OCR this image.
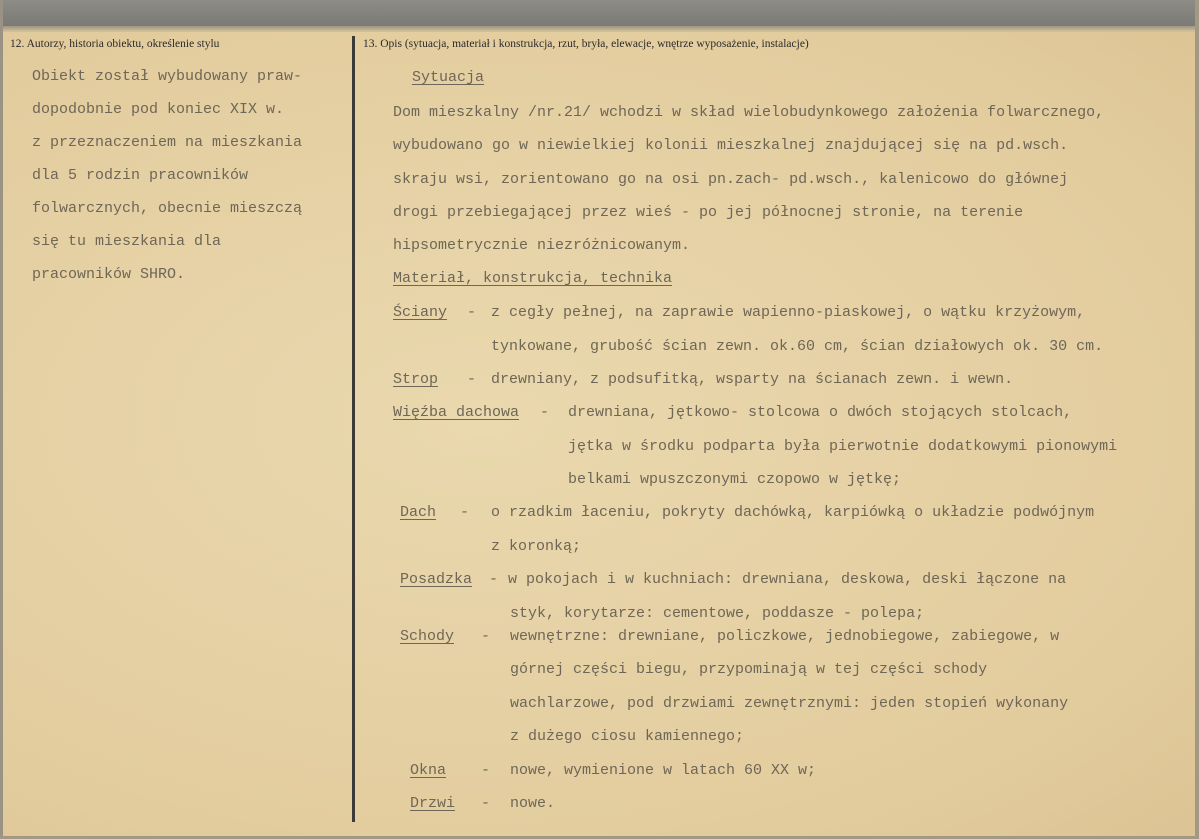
12. Autorzy, historia obiektu, określenie stylu
Obiekt został wybudowany praw-
dopodobnie pod koniec XIX w.
z przeznaczeniem na mieszkania
dla 5 rodzin pracowników
folwarcznych, obecnie mieszczą
się tu mieszkania dla
pracowników SHRO.
13. Opis (sytuacja, materiał i konstrukcja, rzut, bryła, elewacje, wnętrze wyposażenie, instalacje)
Sytuacja
Dom mieszkalny /nr.21/ wchodzi w skład wielobudynkowego założenia folwarcznego,
wybudowano go w niewielkiej kolonii mieszkalnej znajdującej się na pd.wsch.
skraju wsi, zorientowano go na osi pn.zach- pd.wsch., kalenicowo do głównej
drogi przebiegającej przez wieś - po jej północnej stronie, na terenie
hipsometrycznie niezróżnicowanym.
Materiał, konstrukcja, technika
Ściany - z cegły pełnej, na zaprawie wapienno-piaskowej, o wątku krzyżowym,
tynkowane, grubość ścian zewn. ok.60 cm, ścian działowych ok. 30 cm.
Strop - drewniany, z podsufitką, wsparty na ścianach zewn. i wewn.
Więźba dachowa - drewniana, jętkowo- stolcowa o dwóch stojących stolcach,
jętka w środku podparta była pierwotnie dodatkowymi pionowymi
belkami wpuszczonymi czopowo w jętkę;
Dach - o rzadkim łaceniu, pokryty dachówką, karpiówką o układzie podwójnym
z koronką;
Posadzka - w pokojach i w kuchniach: drewniana, deskowa, deski łączone na
styk, korytarze: cementowe, poddasze - polepa;
Schody - wewnętrzne: drewniane, policzkowe, jednobiegowe, zabiegowe, w
górnej części biegu, przypominają w tej części schody
wachlarzowe, pod drzwiami zewnętrznymi: jeden stopień wykonany
z dużego ciosu kamiennego;
Okna - nowe, wymienione w latach 60 XX w;
Drzwi - nowe.
